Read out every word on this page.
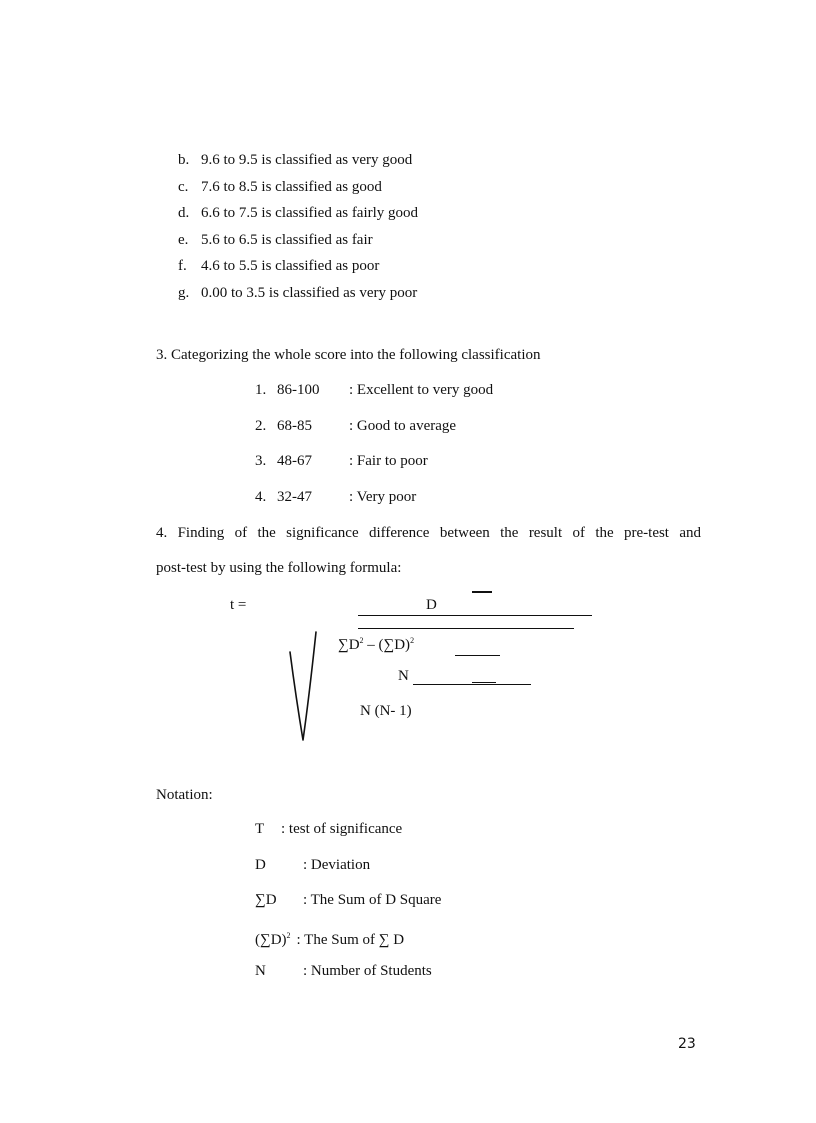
b. 9.6 to 9.5 is classified as very good
c. 7.6 to 8.5 is classified as good
d. 6.6 to 7.5 is classified as fairly good
e. 5.6 to 6.5 is classified as fair
f. 4.6 to 5.5 is classified as poor
g. 0.00 to 3.5 is classified as very poor
3. Categorizing the whole score into the following classification
1. 86-100 : Excellent to very good
2. 68-85 : Good to average
3. 48-67 : Fair to poor
4. 32-47 : Very poor
4. Finding of the significance difference between the result of the pre-test and
post-test by using the following formula:
t =	D
$\sum D^2 - (\sum D)^2$
N
N (N- 1)
Notation:
T : test of significance
D : Deviation
∑D : The Sum of D Square
$(\sum D)^2$ : The Sum of ∑ D
N : Number of Students
23
